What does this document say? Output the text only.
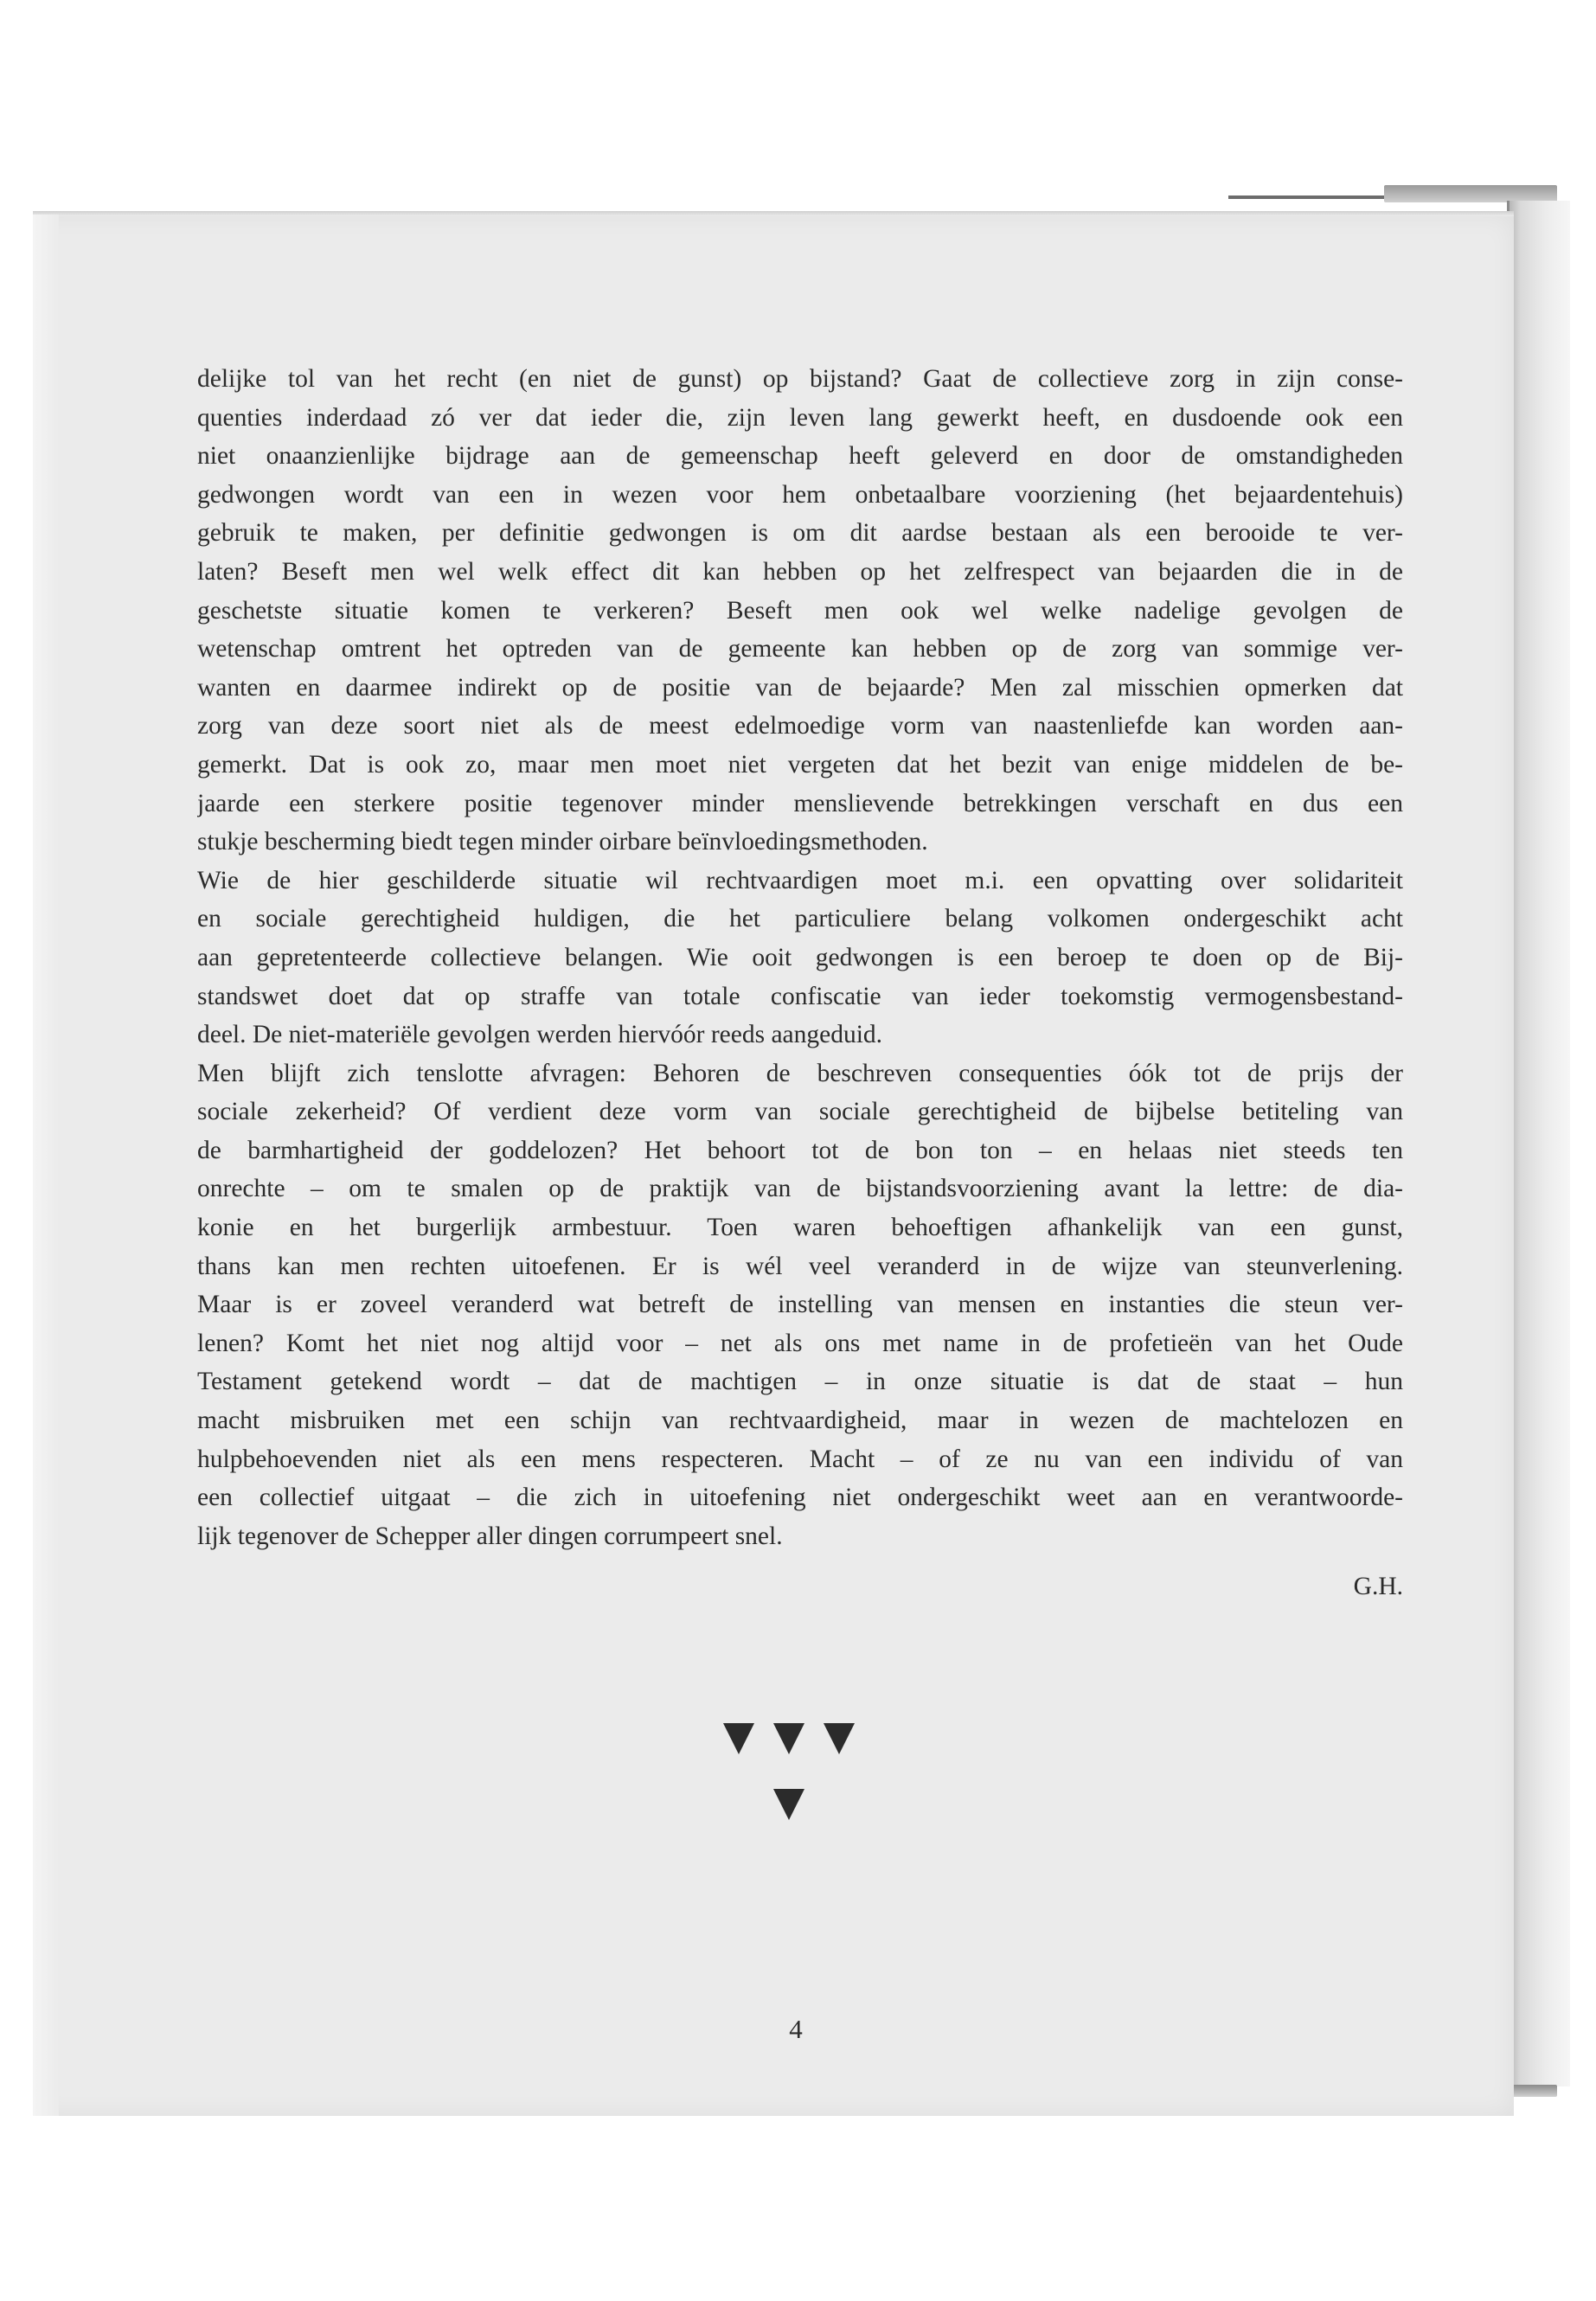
delijke tol van het recht (en niet de gunst) op bijstand? Gaat de collectieve zorg in zijn conse-
quenties inderdaad zó ver dat ieder die, zijn leven lang gewerkt heeft, en dusdoende ook een
niet onaanzienlijke bijdrage aan de gemeenschap heeft geleverd en door de omstandigheden
gedwongen wordt van een in wezen voor hem onbetaalbare voorziening (het bejaardentehuis)
gebruik te maken, per definitie gedwongen is om dit aardse bestaan als een berooide te ver-
laten? Beseft men wel welk effect dit kan hebben op het zelfrespect van bejaarden die in de
geschetste situatie komen te verkeren? Beseft men ook wel welke nadelige gevolgen de
wetenschap omtrent het optreden van de gemeente kan hebben op de zorg van sommige ver-
wanten en daarmee indirekt op de positie van de bejaarde? Men zal misschien opmerken dat
zorg van deze soort niet als de meest edelmoedige vorm van naastenliefde kan worden aan-
gemerkt. Dat is ook zo, maar men moet niet vergeten dat het bezit van enige middelen de be-
jaarde een sterkere positie tegenover minder menslievende betrekkingen verschaft en dus een
stukje bescherming biedt tegen minder oirbare beïnvloedingsmethoden.
Wie de hier geschilderde situatie wil rechtvaardigen moet m.i. een opvatting over solidariteit
en sociale gerechtigheid huldigen, die het particuliere belang volkomen ondergeschikt acht
aan gepretenteerde collectieve belangen. Wie ooit gedwongen is een beroep te doen op de Bij-
standswet doet dat op straffe van totale confiscatie van ieder toekomstig vermogensbestand-
deel. De niet-materiële gevolgen werden hiervóór reeds aangeduid.
Men blijft zich tenslotte afvragen: Behoren de beschreven consequenties óók tot de prijs der
sociale zekerheid? Of verdient deze vorm van sociale gerechtigheid de bijbelse betiteling van
de barmhartigheid der goddelozen? Het behoort tot de bon ton – en helaas niet steeds ten
onrechte – om te smalen op de praktijk van de bijstandsvoorziening avant la lettre: de dia-
konie en het burgerlijk armbestuur. Toen waren behoeftigen afhankelijk van een gunst,
thans kan men rechten uitoefenen. Er is wél veel veranderd in de wijze van steunverlening.
Maar is er zoveel veranderd wat betreft de instelling van mensen en instanties die steun ver-
lenen? Komt het niet nog altijd voor – net als ons met name in de profetieën van het Oude
Testament getekend wordt – dat de machtigen – in onze situatie is dat de staat – hun
macht misbruiken met een schijn van rechtvaardigheid, maar in wezen de machtelozen en
hulpbehoevenden niet als een mens respecteren. Macht – of ze nu van een individu of van
een collectief uitgaat – die zich in uitoefening niet ondergeschikt weet aan en verantwoorde-
lijk tegenover de Schepper aller dingen corrumpeert snel.
G.H.
4
